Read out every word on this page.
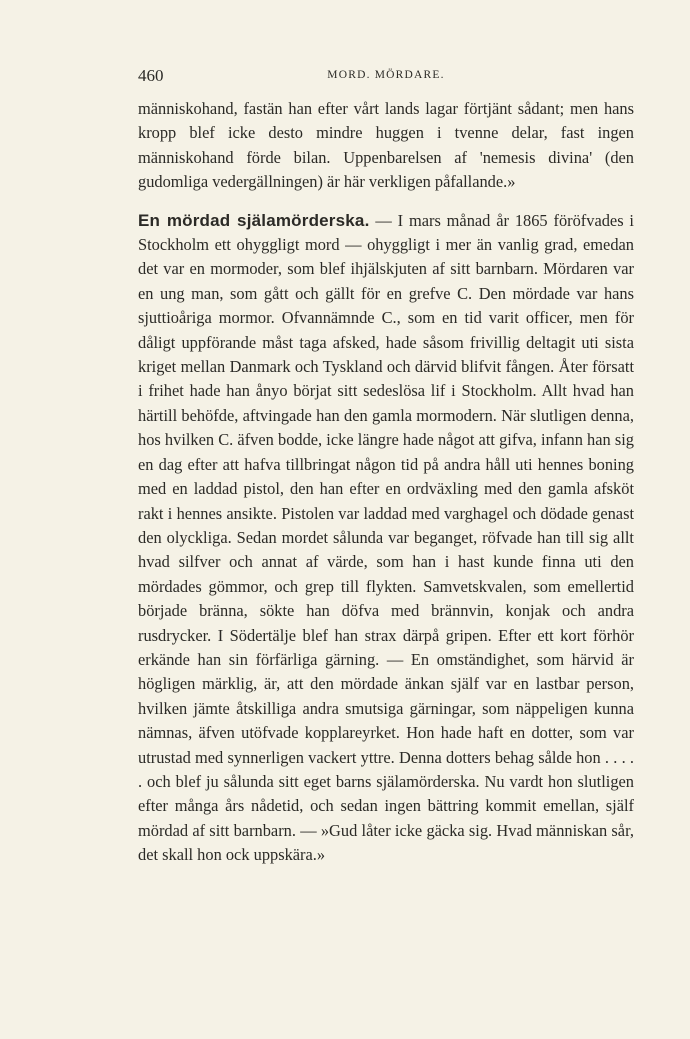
460	MORD. MÖRDARE.

människohand, fastän han efter vårt lands lagar förtjänt sådant; men hans kropp blef icke desto mindre huggen i tvenne delar, fast ingen människohand förde bilan. Uppenbarelsen af 'nemesis divina' (den gudomliga vedergällningen) är här verkligen påfallande.»

En mördad själamörderska. — I mars månad år 1865 föröfvades i Stockholm ett ohyggligt mord — ohyggligt i mer än vanlig grad, emedan det var en mormoder, som blef ihjälskjuten af sitt barnbarn. Mördaren var en ung man, som gått och gällt för en grefve C. Den mördade var hans sjuttioåriga mormor. Ofvannämnde C., som en tid varit officer, men för dåligt uppförande måst taga afsked, hade såsom frivillig deltagit uti sista kriget mellan Danmark och Tyskland och därvid blifvit fången. Åter försatt i frihet hade han ånyo börjat sitt sedeslösa lif i Stockholm. Allt hvad han härtill behöfde, aftvingade han den gamla mormodern. När slutligen denna, hos hvilken C. äfven bodde, icke längre hade något att gifva, infann han sig en dag efter att hafva tillbringat någon tid på andra håll uti hennes boning med en laddad pistol, den han efter en ordväxling med den gamla afsköt rakt i hennes ansikte. Pistolen var laddad med varghagel och dödade genast den olyckliga. Sedan mordet sålunda var beganget, röfvade han till sig allt hvad silfver och annat af värde, som han i hast kunde finna uti den mördades gömmor, och grep till flykten. Samvetskvalen, som emellertid började bränna, sökte han döfva med brännvin, konjak och andra rusdrycker. I Södertälje blef han strax därpå gripen. Efter ett kort förhör erkände han sin förfärliga gärning. — En omständighet, som härvid är högligen märklig, är, att den mördade änkan själf var en lastbar person, hvilken jämte åtskilliga andra smutsiga gärningar, som näppeligen kunna nämnas, äfven utöfvade kopplareyrket. Hon hade haft en dotter, som var utrustad med synnerligen vackert yttre. Denna dotters behag sålde hon . . . . . och blef ju sålunda sitt eget barns själamörderska. Nu vardt hon slutligen efter många års nådetid, och sedan ingen bättring kommit emellan, själf mördad af sitt barnbarn. — »Gud låter icke gäcka sig. Hvad människan sår, det skall hon ock uppskära.»
